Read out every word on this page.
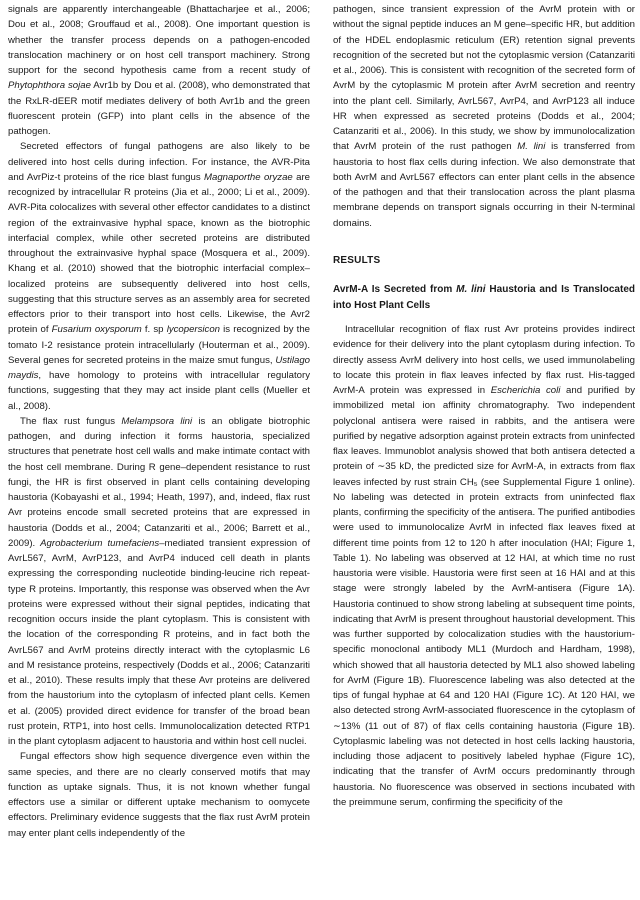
signals are apparently interchangeable (Bhattacharjee et al., 2006; Dou et al., 2008; Grouffaud et al., 2008). One important question is whether the transfer process depends on a pathogen-encoded translocation machinery or on host cell transport machinery. Strong support for the second hypothesis came from a recent study of Phytophthora sojae Avr1b by Dou et al. (2008), who demonstrated that the RxLR-dEER motif mediates delivery of both Avr1b and the green fluorescent protein (GFP) into plant cells in the absence of the pathogen.

Secreted effectors of fungal pathogens are also likely to be delivered into host cells during infection. For instance, the AVR-Pita and AvrPiz-t proteins of the rice blast fungus Magnaporthe oryzae are recognized by intracellular R proteins (Jia et al., 2000; Li et al., 2009). AVR-Pita colocalizes with several other effector candidates to a distinct region of the extrainvasive hyphal space, known as the biotrophic interfacial complex, while other secreted proteins are distributed throughout the extrainvasive hyphal space (Mosquera et al., 2009). Khang et al. (2010) showed that the biotrophic interfacial complex–localized proteins are subsequently delivered into host cells, suggesting that this structure serves as an assembly area for secreted effectors prior to their transport into host cells. Likewise, the Avr2 protein of Fusarium oxysporum f. sp lycopersicon is recognized by the tomato I-2 resistance protein intracellularly (Houterman et al., 2009). Several genes for secreted proteins in the maize smut fungus, Ustilago maydis, have homology to proteins with intracellular regulatory functions, suggesting that they may act inside plant cells (Mueller et al., 2008).

The flax rust fungus Melampsora lini is an obligate biotrophic pathogen, and during infection it forms haustoria, specialized structures that penetrate host cell walls and make intimate contact with the host cell membrane. During R gene–dependent resistance to rust fungi, the HR is first observed in plant cells containing developing haustoria (Kobayashi et al., 1994; Heath, 1997), and, indeed, flax rust Avr proteins encode small secreted proteins that are expressed in haustoria (Dodds et al., 2004; Catanzariti et al., 2006; Barrett et al., 2009). Agrobacterium tumefaciens–mediated transient expression of AvrL567, AvrM, AvrP123, and AvrP4 induced cell death in plants expressing the corresponding nucleotide binding-leucine rich repeat-type R proteins. Importantly, this response was observed when the Avr proteins were expressed without their signal peptides, indicating that recognition occurs inside the plant cytoplasm. This is consistent with the location of the corresponding R proteins, and in fact both the AvrL567 and AvrM proteins directly interact with the cytoplasmic L6 and M resistance proteins, respectively (Dodds et al., 2006; Catanzariti et al., 2010). These results imply that these Avr proteins are delivered from the haustorium into the cytoplasm of infected plant cells. Kemen et al. (2005) provided direct evidence for transfer of the broad bean rust protein, RTP1, into host cells. Immunolocalization detected RTP1 in the plant cytoplasm adjacent to haustoria and within host cell nuclei.

Fungal effectors show high sequence divergence even within the same species, and there are no clearly conserved motifs that may function as uptake signals. Thus, it is not known whether fungal effectors use a similar or different uptake mechanism to oomycete effectors. Preliminary evidence suggests that the flax rust AvrM protein may enter plant cells independently of the

pathogen, since transient expression of the AvrM protein with or without the signal peptide induces an M gene–specific HR, but addition of the HDEL endoplasmic reticulum (ER) retention signal prevents recognition of the secreted but not the cytoplasmic version (Catanzariti et al., 2006). This is consistent with recognition of the secreted form of AvrM by the cytoplasmic M protein after AvrM secretion and reentry into the plant cell. Similarly, AvrL567, AvrP4, and AvrP123 all induce HR when expressed as secreted proteins (Dodds et al., 2004; Catanzariti et al., 2006). In this study, we show by immunolocalization that AvrM protein of the rust pathogen M. lini is transferred from haustoria to host flax cells during infection. We also demonstrate that both AvrM and AvrL567 effectors can enter plant cells in the absence of the pathogen and that their translocation across the plant plasma membrane depends on transport signals occurring in their N-terminal domains.

RESULTS
AvrM-A Is Secreted from M. lini Haustoria and Is Translocated into Host Plant Cells

Intracellular recognition of flax rust Avr proteins provides indirect evidence for their delivery into the plant cytoplasm during infection. To directly assess AvrM delivery into host cells, we used immunolabeling to locate this protein in flax leaves infected by flax rust. His-tagged AvrM-A protein was expressed in Escherichia coli and purified by immobilized metal ion affinity chromatography. Two independent polyclonal antisera were raised in rabbits, and the antisera were purified by negative adsorption against protein extracts from uninfected flax leaves. Immunoblot analysis showed that both antisera detected a protein of ∼35 kD, the predicted size for AvrM-A, in extracts from flax leaves infected by rust strain CH₅ (see Supplemental Figure 1 online). No labeling was detected in protein extracts from uninfected flax plants, confirming the specificity of the antisera. The purified antibodies were used to immunolocalize AvrM in infected flax leaves fixed at different time points from 12 to 120 h after inoculation (HAI; Figure 1, Table 1). No labeling was observed at 12 HAI, at which time no rust haustoria were visible. Haustoria were first seen at 16 HAI and at this stage were strongly labeled by the AvrM-antisera (Figure 1A). Haustoria continued to show strong labeling at subsequent time points, indicating that AvrM is present throughout haustorial development. This was further supported by colocalization studies with the haustorium-specific monoclonal antibody ML1 (Murdoch and Hardham, 1998), which showed that all haustoria detected by ML1 also showed labeling for AvrM (Figure 1B). Fluorescence labeling was also detected at the tips of fungal hyphae at 64 and 120 HAI (Figure 1C). At 120 HAI, we also detected strong AvrM-associated fluorescence in the cytoplasm of ∼13% (11 out of 87) of flax cells containing haustoria (Figure 1B). Cytoplasmic labeling was not detected in host cells lacking haustoria, including those adjacent to positively labeled hyphae (Figure 1C), indicating that the transfer of AvrM occurs predominantly through haustoria. No fluorescence was observed in sections incubated with the preimmune serum, confirming the specificity of the
